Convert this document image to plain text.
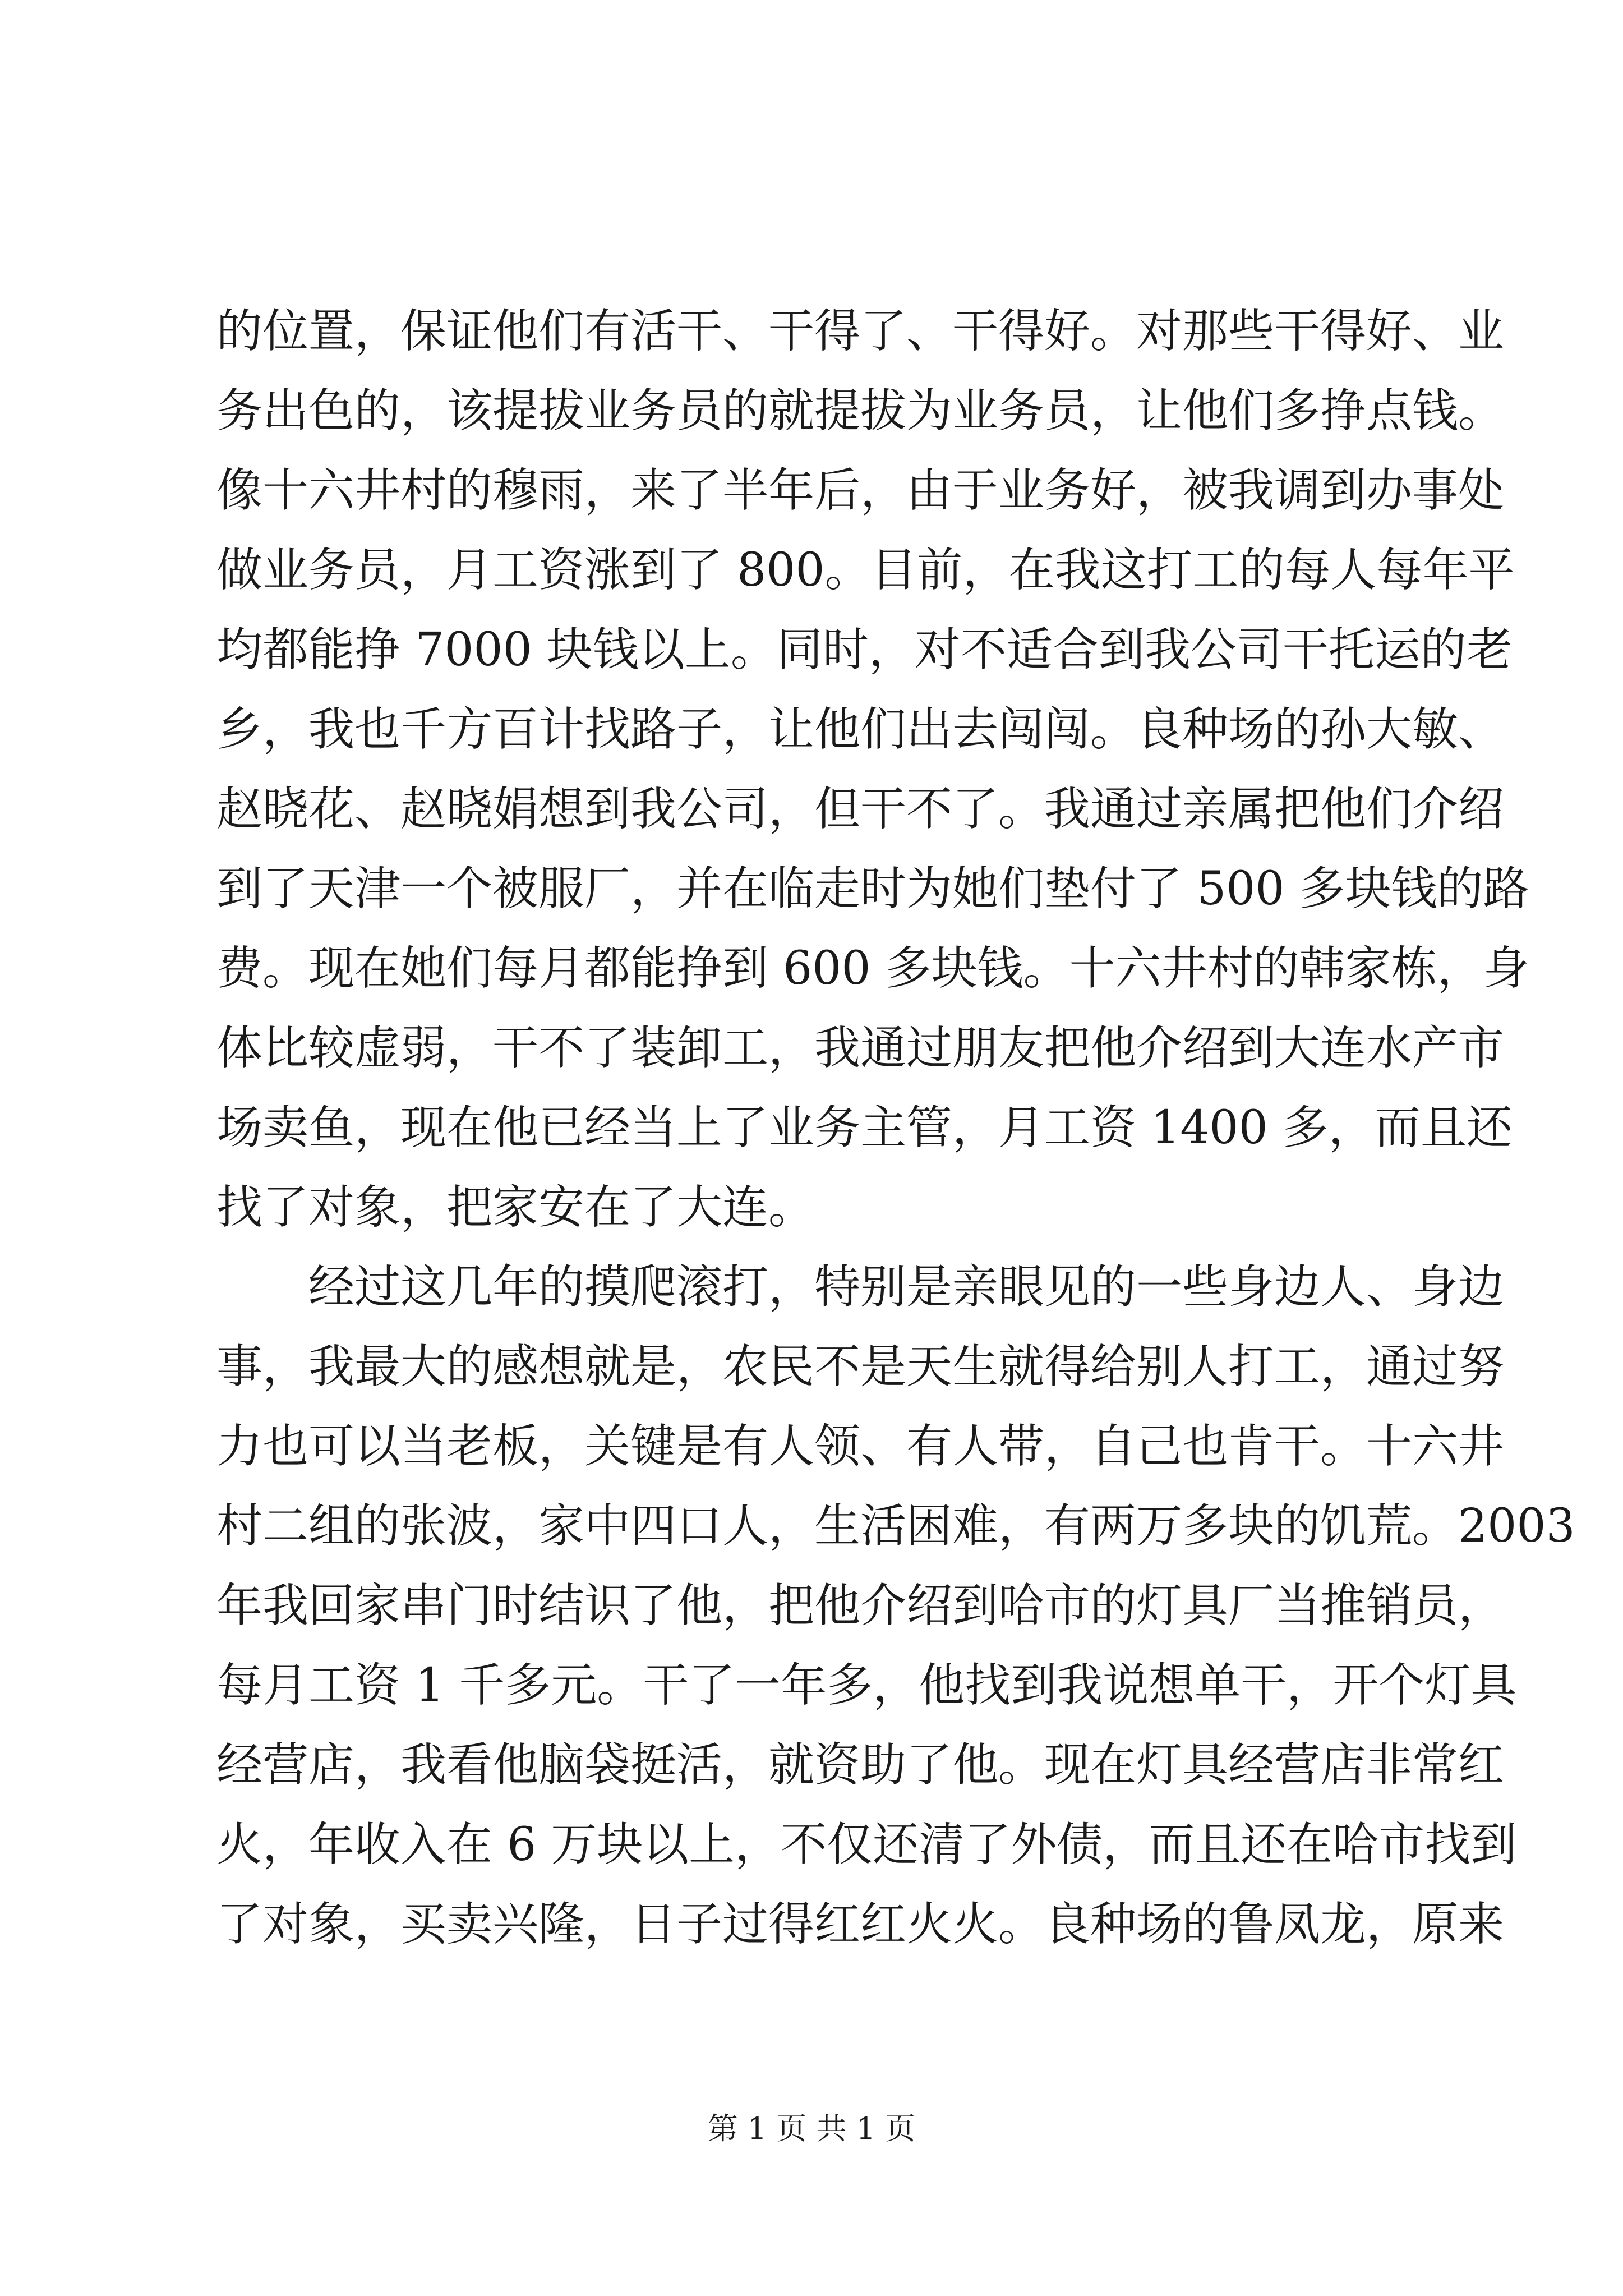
的位置，保证他们有活干、干得了、干得好。对那些干得好、业
务出色的，该提拔业务员的就提拔为业务员，让他们多挣点钱。
像十六井村的穆雨，来了半年后，由于业务好，被我调到办事处
做业务员，月工资涨到了 800。目前，在我这打工的每人每年平
均都能挣 7000 块钱以上。同时，对不适合到我公司干托运的老
乡，我也千方百计找路子，让他们出去闯闯。良种场的孙大敏、
赵晓花、赵晓娟想到我公司，但干不了。我通过亲属把他们介绍
到了天津一个被服厂，并在临走时为她们垫付了 500 多块钱的路
费。现在她们每月都能挣到 600 多块钱。十六井村的韩家栋，身
体比较虚弱，干不了装卸工，我通过朋友把他介绍到大连水产市
场卖鱼，现在他已经当上了业务主管，月工资 1400 多，而且还
找了对象，把家安在了大连。
经过这几年的摸爬滚打，特别是亲眼见的一些身边人、身边
事，我最大的感想就是，农民不是天生就得给别人打工，通过努
力也可以当老板，关键是有人领、有人带，自己也肯干。十六井
村二组的张波，家中四口人，生活困难，有两万多块的饥荒。2003
年我回家串门时结识了他，把他介绍到哈市的灯具厂当推销员，
每月工资 1 千多元。干了一年多，他找到我说想单干，开个灯具
经营店，我看他脑袋挺活，就资助了他。现在灯具经营店非常红
火，年收入在 6 万块以上，不仅还清了外债，而且还在哈市找到
了对象，买卖兴隆，日子过得红红火火。良种场的鲁凤龙，原来
第 1 页 共 1 页
